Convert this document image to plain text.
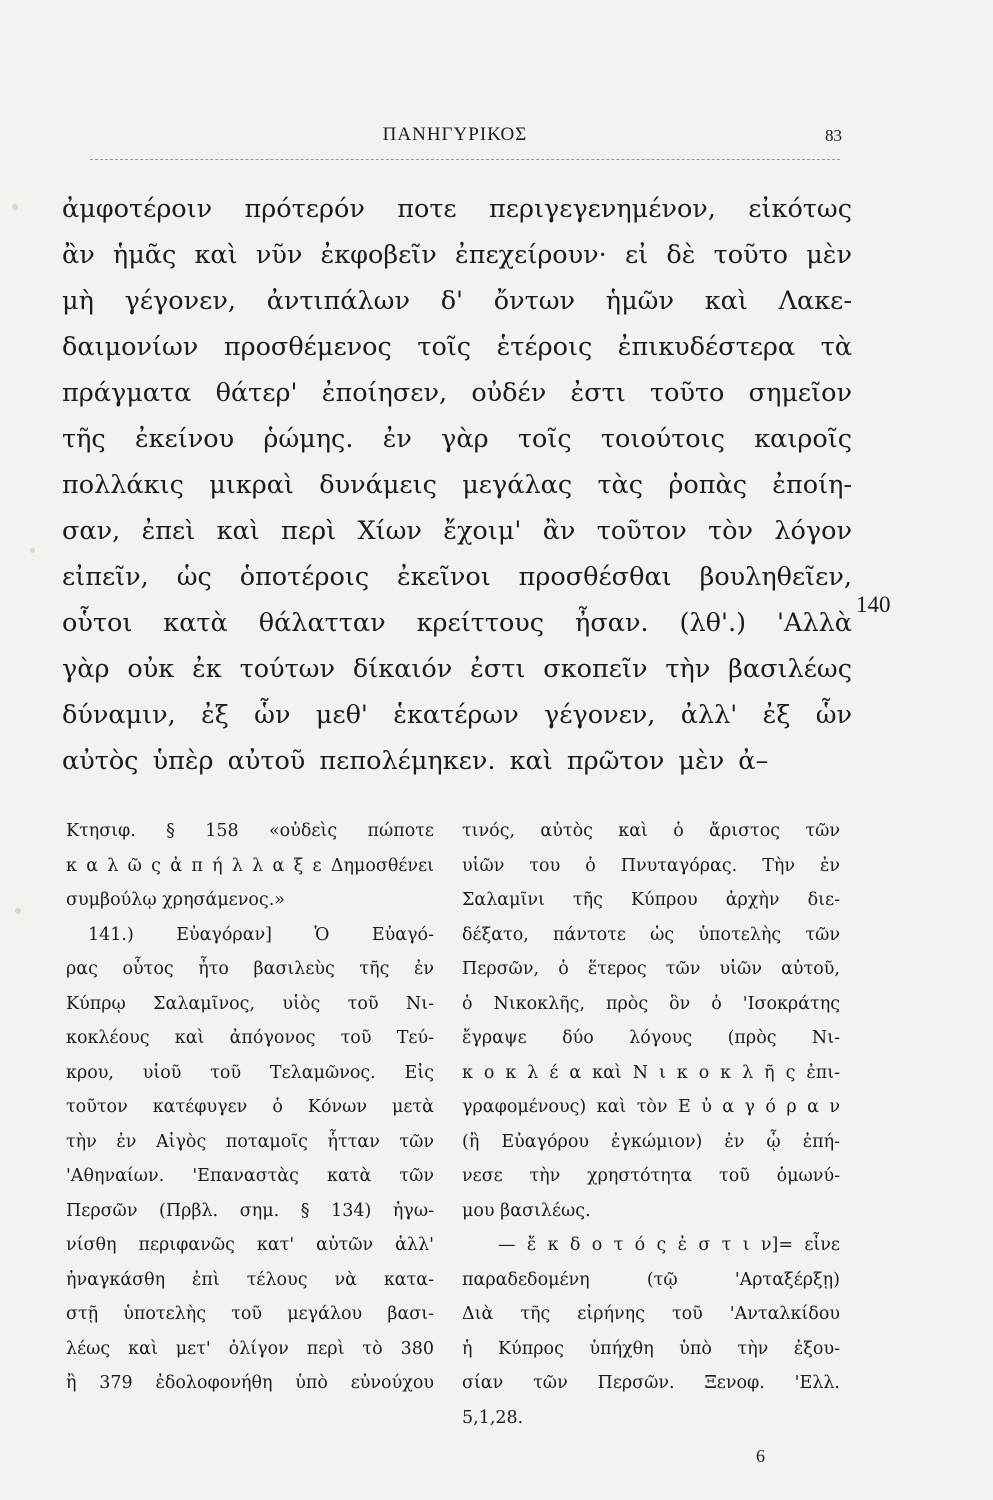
ΠΑΝΗΓΥΡΙΚΟΣ	83
ἀμφοτέροιν πρότερόν ποτε περιγεγενημένον, εἰκότως
ἂν ἡμᾶς καὶ νῦν ἐκφοβεῖν ἐπεχείρουν· εἰ δὲ τοῦτο μὲν
μὴ γέγονεν, ἀντιπάλων δ' ὄντων ἡμῶν καὶ Λακε-
δαιμονίων προσθέμενος τοῖς ἑτέροις ἐπικυδέστερα τὰ
πράγματα θάτερ' ἐποίησεν, οὐδέν ἐστι τοῦτο σημεῖον
τῆς ἐκείνου ῥώμης. ἐν γὰρ τοῖς τοιούτοις καιροῖς
πολλάκις μικραὶ δυνάμεις μεγάλας τὰς ῥοπὰς ἐποίη-
σαν, ἐπεὶ καὶ περὶ Χίων ἔχοιμ' ἂν τοῦτον τὸν λόγον
εἰπεῖν, ὡς ὁποτέροις ἐκεῖνοι προσθέσθαι βουληθεῖεν,
οὗτοι κατὰ θάλατταν κρείττους ἦσαν. (λθ'.) 'Αλλὰ
γὰρ οὐκ ἐκ τούτων δίκαιόν ἐστι σκοπεῖν τὴν βασιλέως
δύναμιν, ἐξ ὧν μεθ' ἑκατέρων γέγονεν, ἀλλ' ἐξ ὧν
αὐτὸς ὑπὲρ αὐτοῦ πεπολέμηκεν. καὶ πρῶτον μὲν ἀ–
140
Κτησιφ. § 158 «οὐδεὶς πώποτε
κ α λ ῶ ς ἀ π ή λ λ α ξ ε Δημοσθένει
συμβούλῳ χρησάμενος.»
141.) Εὐαγόραν] Ὁ Εὐαγό-
ρας οὗτος ἦτο βασιλεὺς τῆς ἐν
Κύπρῳ Σαλαμῖνος, υἱὸς τοῦ Νι-
κοκλέους καὶ ἀπόγονος τοῦ Τεύ-
κρου, υἱοῦ τοῦ Τελαμῶνος. Εἰς
τοῦτον κατέφυγεν ὁ Κόνων μετὰ
τὴν ἐν Αἰγὸς ποταμοῖς ἧτταν τῶν
'Αθηναίων. 'Επαναστὰς κατὰ τῶν
Περσῶν (Πρβλ. σημ. § 134) ἠγω-
νίσθη περιφανῶς κατ' αὐτῶν ἀλλ'
ἠναγκάσθη ἐπὶ τέλους νὰ κατα-
στῇ ὑποτελὴς τοῦ μεγάλου βασι-
λέως καὶ μετ' ὀλίγον περὶ τὸ 380
ἢ 379 ἐδολοφονήθη ὑπὸ εὐνούχου
τινός, αὐτὸς καὶ ὁ ἄριστος τῶν
υἱῶν του ὁ Πνυταγόρας. Τὴν ἐν
Σαλαμῖνι τῆς Κύπρου ἀρχὴν διε-
δέξατο, πάντοτε ὡς ὑποτελὴς τῶν
Περσῶν, ὁ ἕτερος τῶν υἱῶν αὐτοῦ,
ὁ Νικοκλῆς, πρὸς ὃν ὁ 'Ισοκράτης
ἔγραψε δύο λόγους (πρὸς Νι-
κ ο κ λ έ α καὶ Ν ι κ ο κ λ ῆ ς ἐπι-
γραφομένους) καὶ τὸν Ε ὐ α γ ό ρ α ν
(ἢ Εὐαγόρου ἐγκώμιον) ἐν ᾧ ἐπή-
νεσε τὴν χρηστότητα τοῦ ὁμωνύ-
μου βασιλέως.
— ἔ κ δ ο τ ό ς ἐ σ τ ι ν]= εἶνε
παραδεδομένη (τῷ 'Αρταξέρξῃ)
Διὰ τῆς εἰρήνης τοῦ 'Ανταλκίδου
ἡ Κύπρος ὑπήχθη ὑπὸ τὴν ἐξου-
σίαν τῶν Περσῶν. Ξενοφ. 'Ελλ.
5,1,28.
6
